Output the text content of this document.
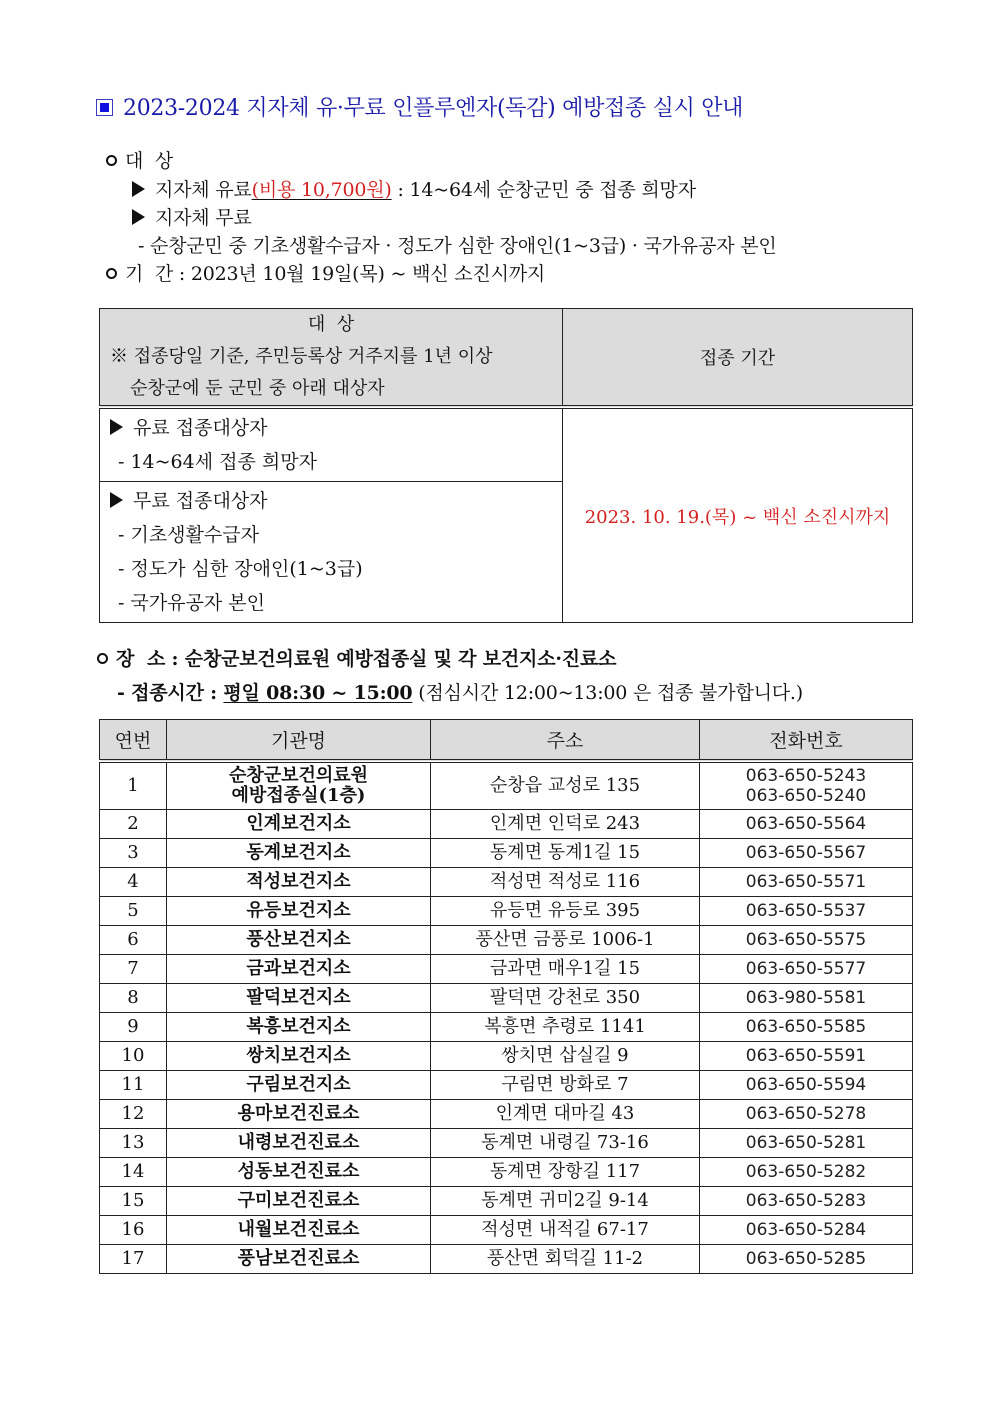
2023-2024 지자체 유·무료 인플루엔자(독감) 예방접종 실시 안내
대  상
지자체 유료(비용 10,700원) : 14~64세 순창군민 중 접종 희망자
지자체 무료
- 순창군민 중 기초생활수급자 · 정도가 심한 장애인(1~3급) · 국가유공자 본인
기  간 : 2023년 10월 19일(목) ~ 백신 소진시까지
대  상
※ 접종당일 기준, 주민등록상 거주지를 1년 이상
순창군에 둔 군민 중 아래 대상자	접종 기간

유료 접종대상자
- 14~64세 접종 희망자	2023. 10. 19.(목) ~ 백신 소진시까지

무료 접종대상자
- 기초생활수급자
- 정도가 심한 장애인(1~3급)
- 국가유공자 본인	
장  소 : 순창군보건의료원 예방접종실 및 각 보건지소·진료소
- 접종시간 : 평일 08:30 ~ 15:00 (점심시간 12:00~13:00 은 접종 불가합니다.)
연번	기관명	주소	전화번호
1	순창군보건의료원
예방접종실(1층)	순창읍 교성로 135	063-650-5243
063-650-5240

2	인계보건지소	인계면 인덕로 243	063-650-5564
3	동계보건지소	동계면 동계1길 15	063-650-5567
4	적성보건지소	적성면 적성로 116	063-650-5571
5	유등보건지소	유등면 유등로 395	063-650-5537
6	풍산보건지소	풍산면 금풍로 1006-1	063-650-5575
7	금과보건지소	금과면 매우1길 15	063-650-5577
8	팔덕보건지소	팔덕면 강천로 350	063-980-5581
9	복흥보건지소	복흥면 추령로 1141	063-650-5585
10	쌍치보건지소	쌍치면 삽실길 9	063-650-5591
11	구림보건지소	구림면 방화로 7	063-650-5594
12	용마보건진료소	인계면 대마길 43	063-650-5278
13	내령보건진료소	동계면 내령길 73-16	063-650-5281
14	성동보건진료소	동계면 장항길 117	063-650-5282
15	구미보건진료소	동계면 귀미2길 9-14	063-650-5283
16	내월보건진료소	적성면 내적길 67-17	063-650-5284
17	풍남보건진료소	풍산면 회덕길 11-2	063-650-5285
